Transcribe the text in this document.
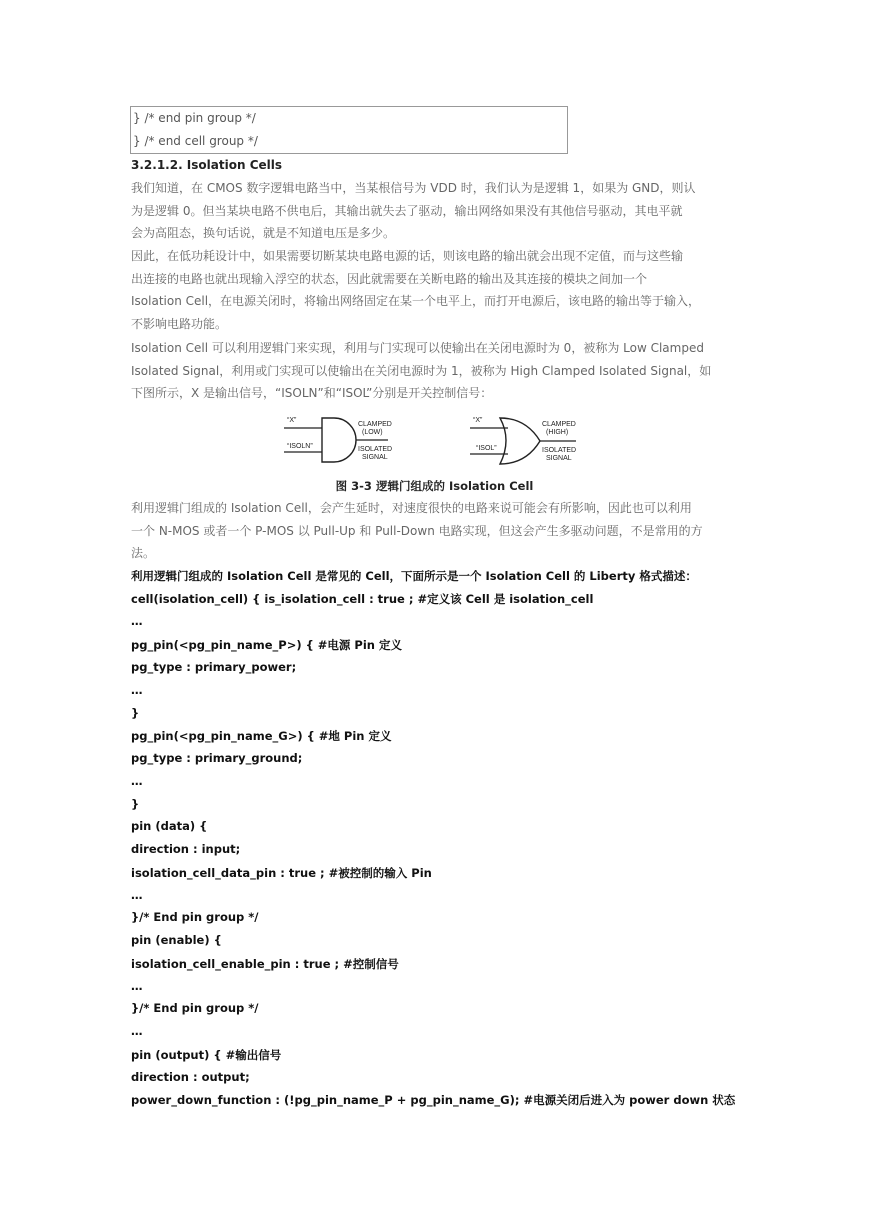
} /* end pin group */
} /* end cell group */
3.2.1.2. Isolation Cells
我们知道，在 CMOS 数字逻辑电路当中，当某根信号为 VDD 时，我们认为是逻辑 1，如果为 GND，则认
为是逻辑 0。但当某块电路不供电后，其输出就失去了驱动，输出网络如果没有其他信号驱动，其电平就
会为高阻态，换句话说，就是不知道电压是多少。
因此，在低功耗设计中，如果需要切断某块电路电源的话，则该电路的输出就会出现不定值，而与这些输
出连接的电路也就出现输入浮空的状态，因此就需要在关断电路的输出及其连接的模块之间加一个
Isolation Cell，在电源关闭时，将输出网络固定在某一个电平上，而打开电源后，该电路的输出等于输入，
不影响电路功能。
Isolation Cell 可以利用逻辑门来实现，利用与门实现可以使输出在关闭电源时为 0，被称为 Low Clamped
Isolated Signal，利用或门实现可以使输出在关闭电源时为 1，被称为 High Clamped Isolated Signal，如
下图所示，X 是输出信号，“ISOLN”和“ISOL”分别是开关控制信号：
“X”
“ISOLN”
CLAMPED
(LOW)
ISOLATED
SIGNAL
“X”
“ISOL”
CLAMPED
(HIGH)
ISOLATED
SIGNAL
图 3-3 逻辑门组成的 Isolation Cell
利用逻辑门组成的 Isolation Cell，会产生延时，对速度很快的电路来说可能会有所影响，因此也可以利用
一个 N-MOS 或者一个 P-MOS 以 Pull-Up 和 Pull-Down 电路实现，但这会产生多驱动问题，不是常用的方
法。
利用逻辑门组成的 Isolation Cell 是常见的 Cell，下面所示是一个 Isolation Cell 的 Liberty 格式描述：
cell(isolation_cell) { is_isolation_cell : true ; #定义该 Cell 是 isolation_cell
…
pg_pin(<pg_pin_name_P>) { #电源 Pin 定义
pg_type : primary_power;
…
}
pg_pin(<pg_pin_name_G>) { #地 Pin 定义
pg_type : primary_ground;
…
}
pin (data) {
direction : input;
isolation_cell_data_pin : true ; #被控制的输入 Pin
…
}/* End pin group */
pin (enable) {
isolation_cell_enable_pin : true ; #控制信号
…
}/* End pin group */
…
pin (output) { #输出信号
direction : output;
power_down_function : (!pg_pin_name_P + pg_pin_name_G); #电源关闭后进入为 power down 状态
